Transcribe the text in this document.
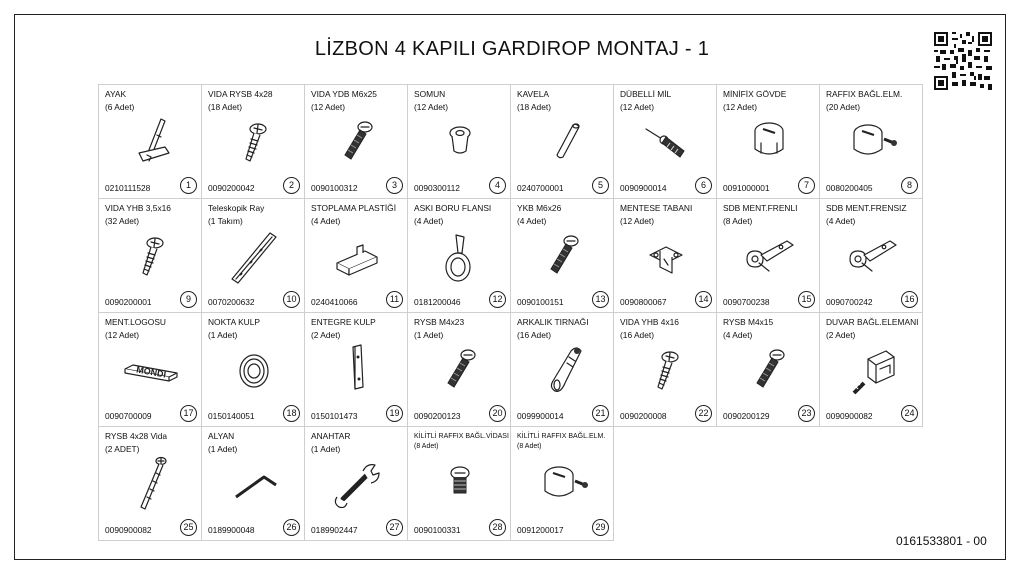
LİZBON 4 KAPILI GARDIROP MONTAJ - 1
AYAK
(6 Adet)
0210111528	1
VIDA RYSB 4x28
(18 Adet)
0090200042	2
VIDA YDB M6x25
(12 Adet)
0090100312	3
SOMUN
(12 Adet)
0090300112	4
KAVELA
(18 Adet)
0240700001	5
DÜBELLİ MİL
(12 Adet)
0090900014	6
MİNİFİX GÖVDE
(12 Adet)
0091000001	7
RAFFIX BAĞL.ELM.
(20 Adet)
0080200405	8
VIDA YHB 3,5x16
(32 Adet)
0090200001	9
Teleskopik Ray
(1 Takım)
0070200632	10
STOPLAMA PLASTİĞİ
(4 Adet)
0240410066	11
ASKI BORU FLANSI
(4 Adet)
0181200046	12
YKB M6x26
(4 Adet)
0090100151	13
MENTESE TABANI
(12 Adet)
0090800067	14
SDB MENT.FRENLI
(8 Adet)
0090700238	15
SDB MENT.FRENSIZ
(4 Adet)
0090700242	16
MENT.LOGOSU
(12 Adet)
MONDI
0090700009	17
NOKTA KULP
(1 Adet)
0150140051	18
ENTEGRE KULP
(2 Adet)
0150101473	19
RYSB M4x23
(1 Adet)
0090200123	20
ARKALIK TIRNAĞI
(16 Adet)
0099900014	21
VIDA YHB 4x16
(16 Adet)
0090200008	22
RYSB M4x15
(4 Adet)
0090200129	23
DUVAR BAĞL.ELEMANI
(2 Adet)
0090900082	24
RYSB 4x28 Vida
(2 ADET)
0090900082	25
ALYAN
(1 Adet)
0189900048	26
ANAHTAR
(1 Adet)
0189902447	27
KİLİTLİ RAFFIX BAĞL.VİDASI
(8 Adet)
0090100331	28
KİLİTLİ RAFFIX BAĞL.ELM.
(8 Adet)
0091200017	29
0161533801 - 00
